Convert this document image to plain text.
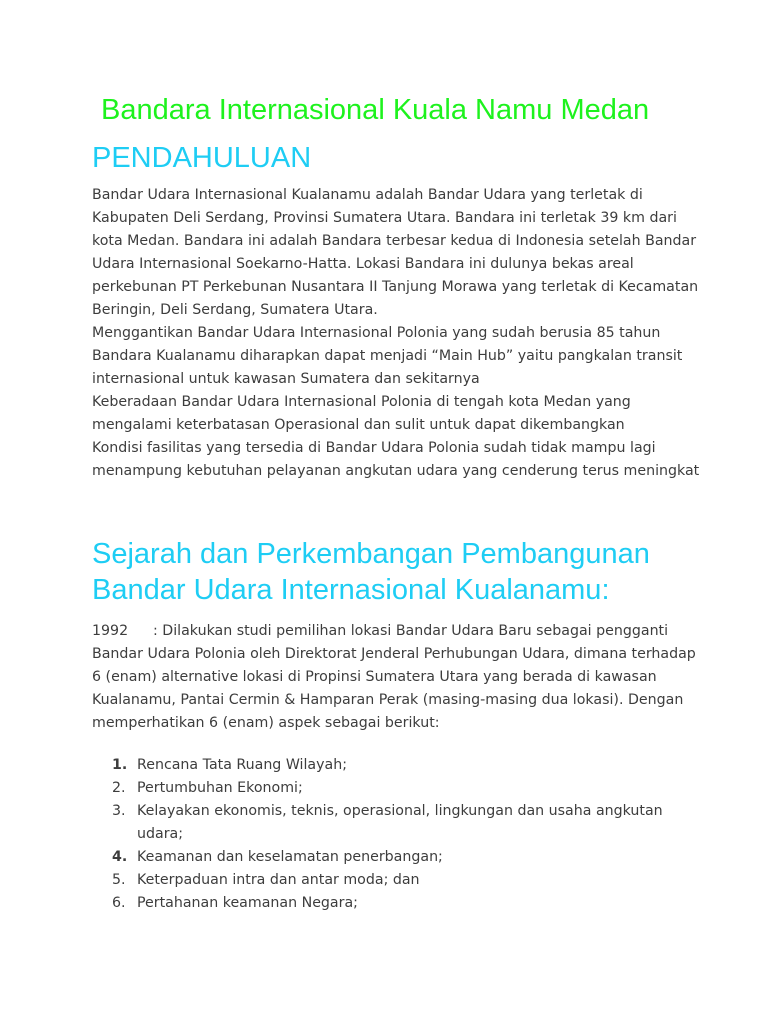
Bandara Internasional Kuala Namu Medan
PENDAHULUAN

Bandar Udara Internasional Kualanamu adalah Bandar Udara yang terletak di Kabupaten Deli Serdang, Provinsi Sumatera Utara. Bandara ini terletak 39 km dari kota Medan. Bandara ini adalah Bandara terbesar kedua di Indonesia setelah Bandar Udara Internasional Soekarno-Hatta. Lokasi Bandara ini dulunya bekas areal perkebunan PT Perkebunan Nusantara II Tanjung Morawa yang terletak di Kecamatan Beringin, Deli Serdang, Sumatera Utara.

Menggantikan Bandar Udara Internasional Polonia yang sudah berusia 85 tahun

Bandara Kualanamu diharapkan dapat menjadi “Main Hub” yaitu pangkalan transit internasional untuk kawasan Sumatera dan sekitarnya

Keberadaan Bandar Udara Internasional Polonia di tengah kota Medan yang mengalami keterbatasan Operasional dan sulit untuk dapat dikembangkan

Kondisi fasilitas yang tersedia di Bandar Udara Polonia sudah tidak mampu lagi menampung kebutuhan pelayanan angkutan udara yang cenderung terus meningkat

Sejarah dan Perkembangan Pembangunan Bandar Udara Internasional Kualanamu:

1992 : Dilakukan studi pemilihan lokasi Bandar Udara Baru sebagai pengganti Bandar Udara Polonia oleh Direktorat Jenderal Perhubungan Udara, dimana terhadap 6 (enam) alternative lokasi di Propinsi Sumatera Utara yang berada di kawasan Kualanamu, Pantai Cermin & Hamparan Perak (masing-masing dua lokasi). Dengan memperhatikan 6 (enam) aspek sebagai berikut:

1. Rencana Tata Ruang Wilayah;
2. Pertumbuhan Ekonomi;
3. Kelayakan ekonomis, teknis, operasional, lingkungan dan usaha angkutan udara;
4. Keamanan dan keselamatan penerbangan;
5. Keterpaduan intra dan antar moda; dan
6. Pertahanan keamanan Negara;
